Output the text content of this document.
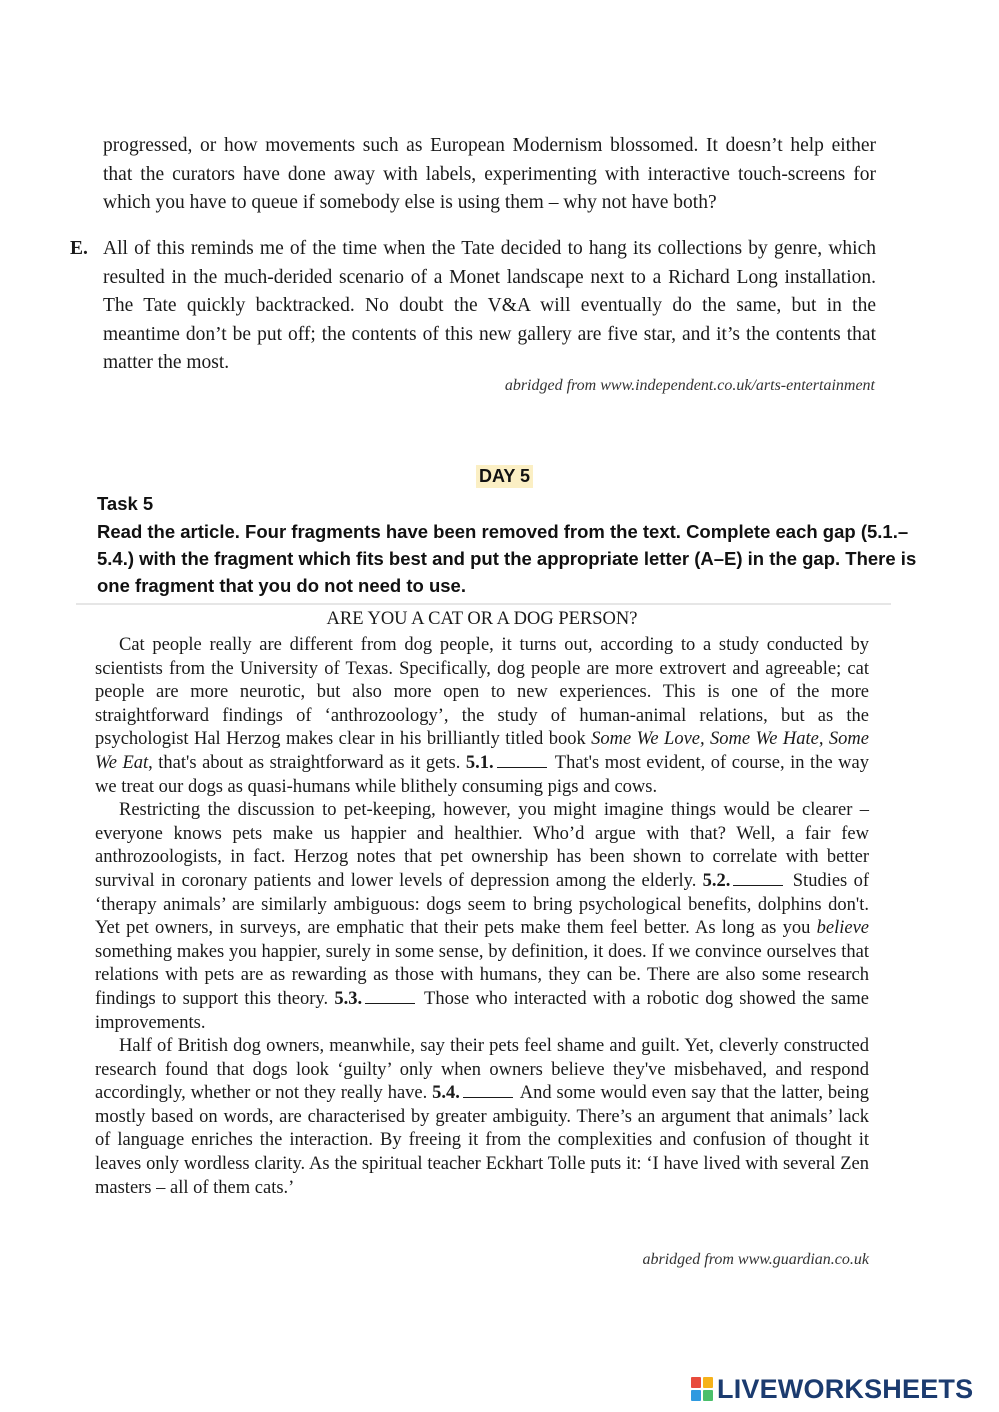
progressed, or how movements such as European Modernism blossomed. It doesn’t help either that the curators have done away with labels, experimenting with interactive touch-screens for which you have to queue if somebody else is using them – why not have both?
E. All of this reminds me of the time when the Tate decided to hang its collections by genre, which resulted in the much-derided scenario of a Monet landscape next to a Richard Long installation. The Tate quickly backtracked. No doubt the V&A will eventually do the same, but in the meantime don’t be put off; the contents of this new gallery are five star, and it’s the contents that matter the most.
abridged from www.independent.co.uk/arts-entertainment
DAY 5
Task 5
Read the article. Four fragments have been removed from the text. Complete each gap (5.1.–5.4.) with the fragment which fits best and put the appropriate letter (A–E) in the gap. There is one fragment that you do not need to use.
ARE YOU A CAT OR A DOG PERSON?

Cat people really are different from dog people, it turns out, according to a study conducted by scientists from the University of Texas. Specifically, dog people are more extrovert and agreeable; cat people are more neurotic, but also more open to new experiences. This is one of the more straightforward findings of ‘anthrozoology’, the study of human-animal relations, but as the psychologist Hal Herzog makes clear in his brilliantly titled book Some We Love, Some We Hate, Some We Eat, that's about as straightforward as it gets. 5.1.	That's most evident, of course, in the way we treat our dogs as quasi-humans while blithely consuming pigs and cows.

Restricting the discussion to pet-keeping, however, you might imagine things would be clearer – everyone knows pets make us happier and healthier. Who’d argue with that? Well, a fair few anthrozoologists, in fact. Herzog notes that pet ownership has been shown to correlate with better survival in coronary patients and lower levels of depression among the elderly. 5.2.	Studies of ‘therapy animals’ are similarly ambiguous: dogs seem to bring psychological benefits, dolphins don't. Yet pet owners, in surveys, are emphatic that their pets make them feel better. As long as you believe something makes you happier, surely in some sense, by definition, it does. If we convince ourselves that relations with pets are as rewarding as those with humans, they can be. There are also some research findings to support this theory. 5.3.	Those who interacted with a robotic dog showed the same improvements.

Half of British dog owners, meanwhile, say their pets feel shame and guilt. Yet, cleverly constructed research found that dogs look ‘guilty’ only when owners believe they've misbehaved, and respond accordingly, whether or not they really have. 5.4.	And some would even say that the latter, being mostly based on words, are characterised by greater ambiguity. There’s an argument that animals’ lack of language enriches the interaction. By freeing it from the complexities and confusion of thought it leaves only wordless clarity. As the spiritual teacher Eckhart Tolle puts it: ‘I have lived with several Zen masters – all of them cats.’

abridged from www.guardian.co.uk
LIVEWORKSHEETS
